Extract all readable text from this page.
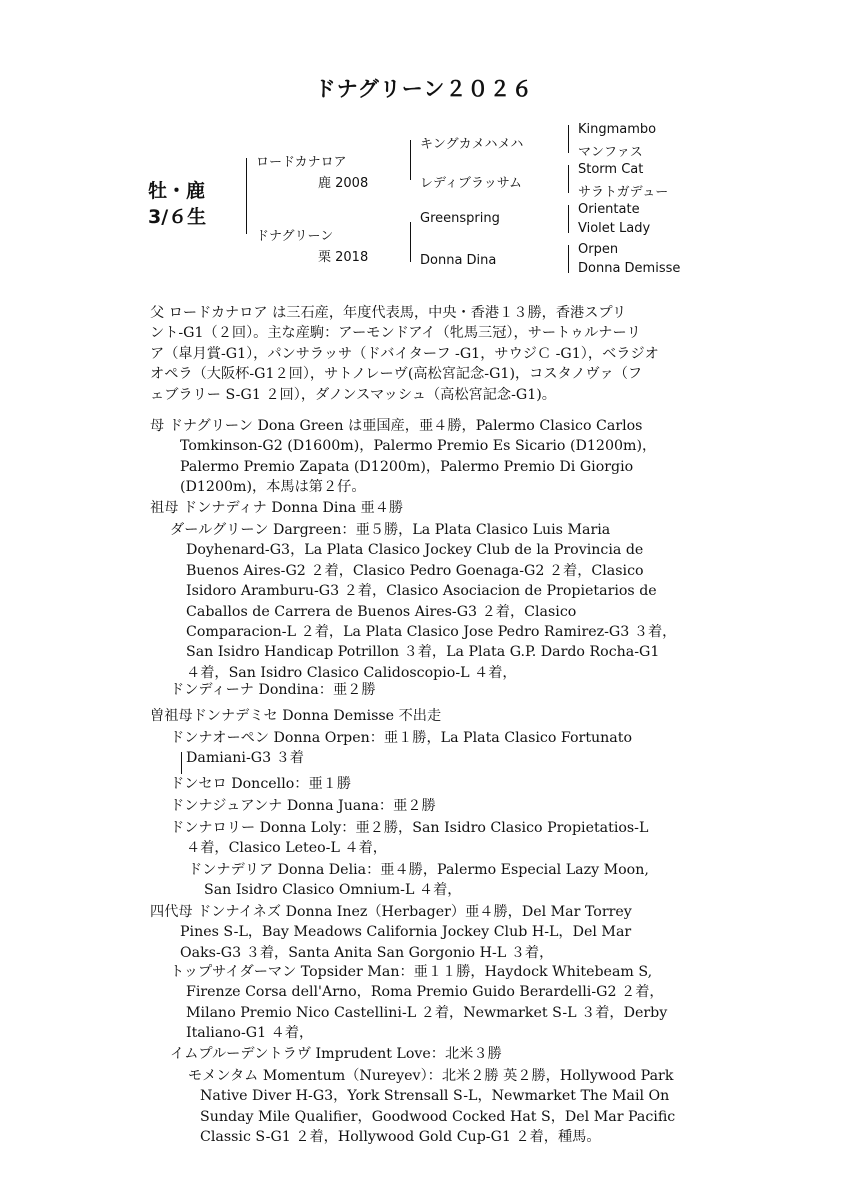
ドナグリーン２０２６
牡・鹿
3/６生
ロードカナロア
鹿 2008
ドナグリーン
栗 2018
キングカメハメハ
レディブラッサム
Greenspring
Donna Dina
Kingmambo
マンファス
Storm Cat
サラトガデュー
Orientate
Violet Lady
Orpen
Donna Demisse
父 ロードカナロア は三石産，年度代表馬，中央・香港１３勝，香港スプリ
ント-G1（２回）。主な産駒：アーモンドアイ（牝馬三冠），サートゥルナーリ
ア（皐月賞-G1），パンサラッサ（ドバイターフ -G1，サウジＣ -G1），ベラジオ
オペラ（大阪杯-G1２回），サトノレーヴ(高松宮記念-G1)，コスタノヴァ（フ
ェブラリー S-G1 ２回），ダノンスマッシュ（高松宮記念-G1)。
母 ドナグリーン Dona Green は亜国産，亜４勝，Palermo Clasico Carlos
Tomkinson-G2 (D1600m)，Palermo Premio Es Sicario (D1200m)，
Palermo Premio Zapata (D1200m)，Palermo Premio Di Giorgio
(D1200m)，本馬は第２仔。
祖母 ドンナディナ Donna Dina 亜４勝
ダールグリーン Dargreen：亜５勝，La Plata Clasico Luis Maria
Doyhenard-G3，La Plata Clasico Jockey Club de la Provincia de
Buenos Aires-G2 ２着，Clasico Pedro Goenaga-G2 ２着，Clasico
Isidoro Aramburu-G3 ２着，Clasico Asociacion de Propietarios de
Caballos de Carrera de Buenos Aires-G3 ２着，Clasico
Comparacion-L ２着，La Plata Clasico Jose Pedro Ramirez-G3 ３着，
San Isidro Handicap Potrillon ３着，La Plata G.P. Dardo Rocha-G1
４着，San Isidro Clasico Calidoscopio-L ４着，
ドンディーナ Dondina：亜２勝
曽祖母ドンナデミセ Donna Demisse 不出走
ドンナオーペン Donna Orpen：亜１勝，La Plata Clasico Fortunato
Damiani-G3 ３着
ドンセロ Doncello：亜１勝
ドンナジュアンナ Donna Juana：亜２勝
ドンナロリー Donna Loly：亜２勝，San Isidro Clasico Propietatios-L
４着，Clasico Leteo-L ４着，
ドンナデリア Donna Delia：亜４勝，Palermo Especial Lazy Moon,
San Isidro Clasico Omnium-L ４着，
四代母 ドンナイネズ Donna Inez（Herbager）亜４勝，Del Mar Torrey
Pines S-L，Bay Meadows California Jockey Club H-L，Del Mar
Oaks-G3 ３着，Santa Anita San Gorgonio H-L ３着，
トップサイダーマン Topsider Man：亜１１勝，Haydock Whitebeam S,
Firenze Corsa dell'Arno，Roma Premio Guido Berardelli-G2 ２着，
Milano Premio Nico Castellini-L ２着，Newmarket S-L ３着，Derby
Italiano-G1 ４着，
イムプルーデントラヴ Imprudent Love：北米３勝
モメンタム Momentum（Nureyev）：北米２勝 英２勝，Hollywood Park
Native Diver H-G3，York Strensall S-L，Newmarket The Mail On
Sunday Mile Qualifier，Goodwood Cocked Hat S，Del Mar Pacific
Classic S-G1 ２着，Hollywood Gold Cup-G1 ２着，種馬。
